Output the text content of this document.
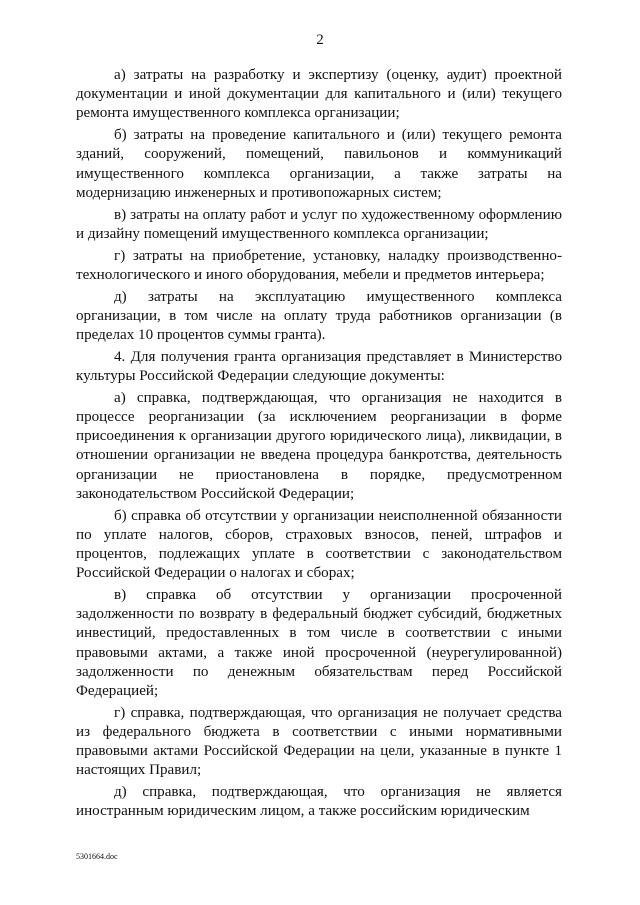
2

а) затраты на разработку и экспертизу (оценку, аудит) проектной документации и иной документации для капитального и (или) текущего ремонта имущественного комплекса организации;

б) затраты на проведение капитального и (или) текущего ремонта зданий, сооружений, помещений, павильонов и коммуникаций имущественного комплекса организации, а также затраты на модернизацию инженерных и противопожарных систем;

в) затраты на оплату работ и услуг по художественному оформлению и дизайну помещений имущественного комплекса организации;

г) затраты на приобретение, установку, наладку производственно-технологического и иного оборудования, мебели и предметов интерьера;

д) затраты на эксплуатацию имущественного комплекса организации, в том числе на оплату труда работников организации (в пределах 10 процентов суммы гранта).

4. Для получения гранта организация представляет в Министерство культуры Российской Федерации следующие документы:

а) справка, подтверждающая, что организация не находится в процессе реорганизации (за исключением реорганизации в форме присоединения к организации другого юридического лица), ликвидации, в отношении организации не введена процедура банкротства, деятельность организации не приостановлена в порядке, предусмотренном законодательством Российской Федерации;

б) справка об отсутствии у организации неисполненной обязанности по уплате налогов, сборов, страховых взносов, пеней, штрафов и процентов, подлежащих уплате в соответствии с законодательством Российской Федерации о налогах и сборах;

в) справка об отсутствии у организации просроченной задолженности по возврату в федеральный бюджет субсидий, бюджетных инвестиций, предоставленных в том числе в соответствии с иными правовыми актами, а также иной просроченной (неурегулированной) задолженности по денежным обязательствам перед Российской Федерацией;

г) справка, подтверждающая, что организация не получает средства из федерального бюджета в соответствии с иными нормативными правовыми актами Российской Федерации на цели, указанные в пункте 1 настоящих Правил;

д) справка, подтверждающая, что организация не является иностранным юридическим лицом, а также российским юридическим

5301664.doc
